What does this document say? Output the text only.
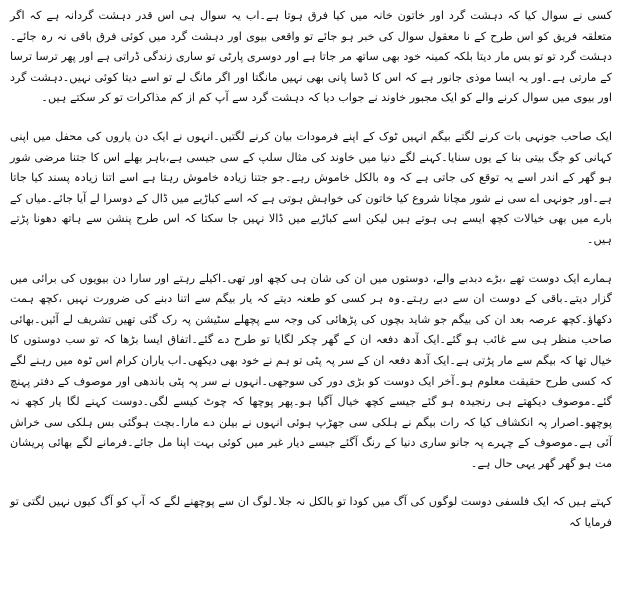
کسی نے سوال کیا کہ دہشت گرد اور خاتون خانہ میں کیا فرق ہوتا ہے۔اب یہ سوال ہی اس قدر دہشت گردانہ ہے کہ اگر متعلقہ فریق کو اس طرح کے نا معقول سوال کی خبر ہو جائے تو واقعی بیوی اور دہشت گرد میں کوئی فرق باقی نہ رہ جائے۔دہشت گرد تو تو بس مار دیتا بلکہ کمینہ خود بھی ساتھ مر جاتا ہے اور دوسری پارٹی تو ساری زندگی ڈراتی ہے اور پھر ترسا ترسا کے مارتی ہے۔اور یہ ایسا موذی جانور ہے کہ اس کا ڈسا پانی بھی نہیں مانگتا اور اگر مانگ لے تو اسے دیتا کوئی نہیں۔دہشت گرد اور بیوی میں سوال کرنے والے کو ایک مجبور خاوند نے جواب دیا کہ دہشت گرد سے آپ کم از کم مذاکرات تو کر سکتے ہیں۔

ایک صاحب جونہی بات کرنے لگتے بیگم انہیں ٹوک کے اپنے فرمودات بیان کرنے لگتیں۔انہوں نے ایک دن یاروں کی محفل میں اپنی کہانی کو جگ بیتی بنا کے یوں سنایا۔کہنے لگے دنیا میں خاوند کی مثال سلپ کے سی جیسی ہے،باہر بھلے اس کا جتنا مرضی شور ہو گھر کے اندر اسے یہ توقع کی جاتی ہے کہ وہ بالکل خاموش رہے۔جو جتنا زیادہ خاموش رہتا ہے اسے اتنا زیادہ پسند کیا جاتا ہے۔اور جونہی اے سی نے شور مچانا شروع کیا خاتون کی خواہش ہوتی ہے کہ اسے کباڑیے میں ڈال کے دوسرا لے آیا جائے۔میاں کے بارے میں بھی خیالات کچھ ایسے ہی ہوتے ہیں لیکن اسے کباڑیے میں ڈالا نہیں جا سکتا کہ اس طرح پنشن سے ہاتھ دھونا پڑتے ہیں۔

ہمارے ایک دوست تھے ،بڑے دبدبے والے، دوستوں میں ان کی شان ہی کچھ اور تھی۔اکیلے رہتے اور سارا دن بیویوں کی برائی میں گزار دیتے۔باقی کے دوست ان سے دبے رہتے۔وہ ہر کسی کو طعنہ دیتے کہ یار بیگم سے اتنا دبنے کی ضرورت نہیں ،کچھ ہمت دکھاؤ۔کچھ عرصہ بعد ان کی بیگم جو شاید بچوں کی پڑھائی کی وجہ سے پچھلے سٹیشن پہ رک گئی تھیں تشریف لے آئیں۔بھائی صاحب منظر ہی سے غائب ہو گئے۔ایک آدھ دفعہ ان کے گھر چکر لگایا تو طرح دے گئے۔اتفاق ایسا بڑھا کہ تو سب دوستوں کا خیال تھا کہ بیگم سے مار پڑتی ہے۔ایک آدھ دفعہ ان کے سر پہ پٹی تو ہم نے خود بھی دیکھی۔اب یاران کرام اس ٹوہ میں رہنے لگے کہ کسی طرح حقیقت معلوم ہو۔آخر ایک دوست کو بڑی دور کی سوجھی۔انہوں نے سر پہ پٹی باندھی اور موصوف کے دفتر پہنچ گئے۔موصوف دیکھتے ہی رنجیدہ ہو گئے جیسے کچھ خیال آگیا ہو۔پھر پوچھا کہ چوٹ کیسے لگی۔دوست کہنے لگا یار کچھ نہ پوچھو۔اصرار پہ انکشاف کیا کہ رات بیگم نے ہلکی سی جھڑپ ہوئی انہوں نے بیلن دے مارا۔بچت ہوگئی بس ہلکی سی خراش آئی ہے۔موصوف کے چہرے پہ جانو ساری دنیا کے رنگ آگئے جیسے دیار غیر میں کوئی بہت اپنا مل جائے۔فرمانے لگے بھائی پریشان مت ہو گھر گھر یہی حال ہے۔

کہتے ہیں کہ ایک فلسفی دوست لوگوں کی آگ میں کودا تو بالکل نہ جلا۔لوگ ان سے پوچھنے لگے کہ آپ کو آگ کیوں نہیں لگتی تو فرمایا کہ
